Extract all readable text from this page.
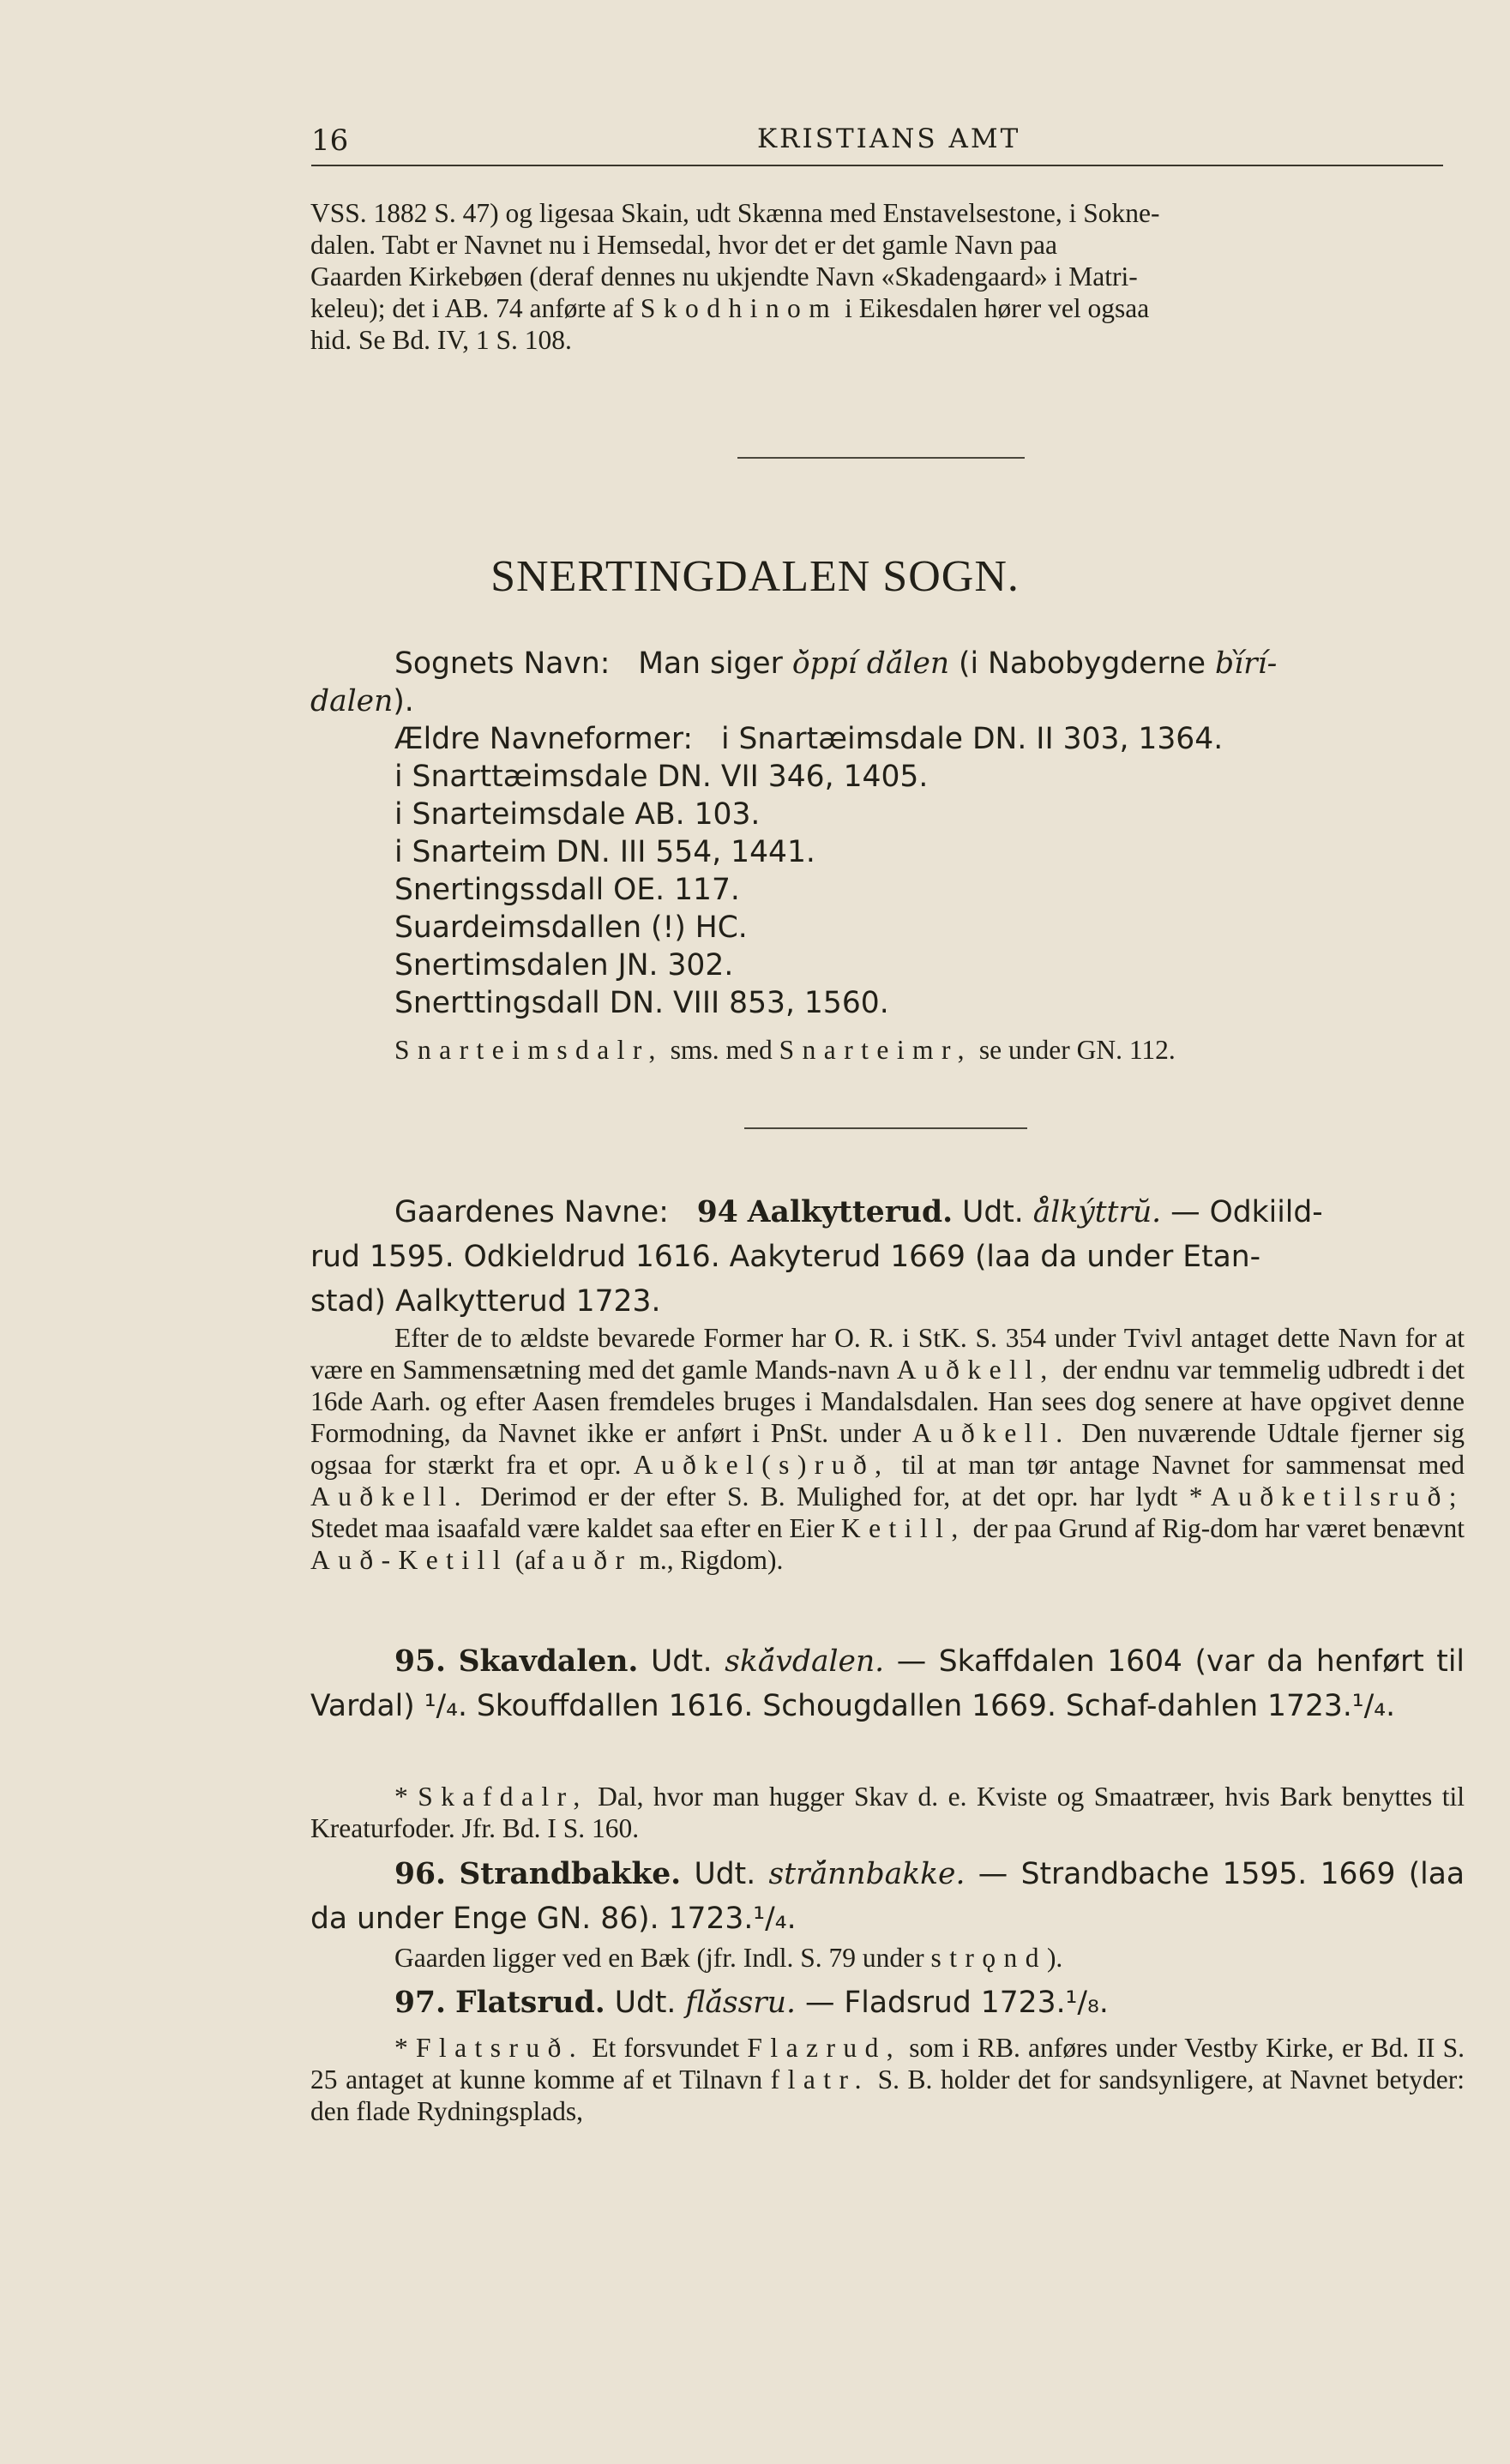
16	KRISTIANS AMT

VSS. 1882 S. 47) og ligesaa Skain, udt Skænna med Enstavelsestone, i Sokne-

dalen. Tabt er Navnet nu i Hemsedal, hvor det er det gamle Navn paa

Gaarden Kirkebøen (deraf dennes nu ukjendte Navn «Skadengaard» i Matri-

keleu); det i AB. 74 anførte af Skodhinom i Eikesdalen hører vel ogsaa

hid. Se Bd. IV, 1 S. 108.

SNERTINGDALEN SOGN.

Sognets Navn: Man siger ŏ̀ppí dá̆len (i Nabobygderne bí̀rí-

dalen).

Ældre Navneformer: i Snartæimsdale DN. II 303, 1364.

i Snarttæimsdale DN. VII 346, 1405.

i Snarteimsdale AB. 103.

i Snarteim DN. III 554, 1441.

Snertingssdall OE. 117.

Suardeimsdallen (!) HC.

Snertimsdalen JN. 302.

Snerttingsdall DN. VIII 853, 1560.

Snarteimsdalr, sms. med Snarteimr, se under GN. 112.

Gaardenes Navne: 94 Aalkytterud. Udt. å̀lkýttrŭ. — Odkiild-

rud 1595. Odkieldrud 1616. Aakyterud 1669 (laa da under Etan-

stad) Aalkytterud 1723.

Efter de to ældste bevarede Former har O. R. i StK. S. 354 under Tvivl antaget dette Navn for at være en Sammensætning med det gamle Mands-navn Auðkell, der endnu var temmelig udbredt i det 16de Aarh. og efter Aasen fremdeles bruges i Mandalsdalen. Han sees dog senere at have opgivet denne Formodning, da Navnet ikke er anført i PnSt. under Auðkell. Den nuværende Udtale fjerner sig ogsaa for stærkt fra et opr. Auðkel(s)ruð, til at man tør antage Navnet for sammensat med Auðkell. Derimod er der efter S. B. Mulighed for, at det opr. har lydt *Auðketilsruð; Stedet maa isaafald være kaldet saa efter en Eier Ketill, der paa Grund af Rig-dom har været benævnt Auð-Ketill (af auðr m., Rigdom).

95. Skavdalen. Udt. ská̆vdalen. — Skaffdalen 1604 (var da henført til Vardal) ¹/₄. Skouffdallen 1616. Schougdallen 1669. Schaf-dahlen 1723.¹/₄.

* Skafdalr, Dal, hvor man hugger Skav d. e. Kviste og Smaatræer, hvis Bark benyttes til Kreaturfoder. Jfr. Bd. I S. 160.

96. Strandbakke. Udt. strá̆nnbakke. — Strandbache 1595. 1669 (laa da under Enge GN. 86). 1723.¹/₄.

Gaarden ligger ved en Bæk (jfr. Indl. S. 79 under strǫnd).

97. Flatsrud. Udt. flá̆ssru. — Fladsrud 1723.¹/₈.

* Flatsruð. Et forsvundet Flazrud, som i RB. anføres under Vestby Kirke, er Bd. II S. 25 antaget at kunne komme af et Tilnavn flatr. S. B. holder det for sandsynligere, at Navnet betyder: den flade Rydningsplads,
